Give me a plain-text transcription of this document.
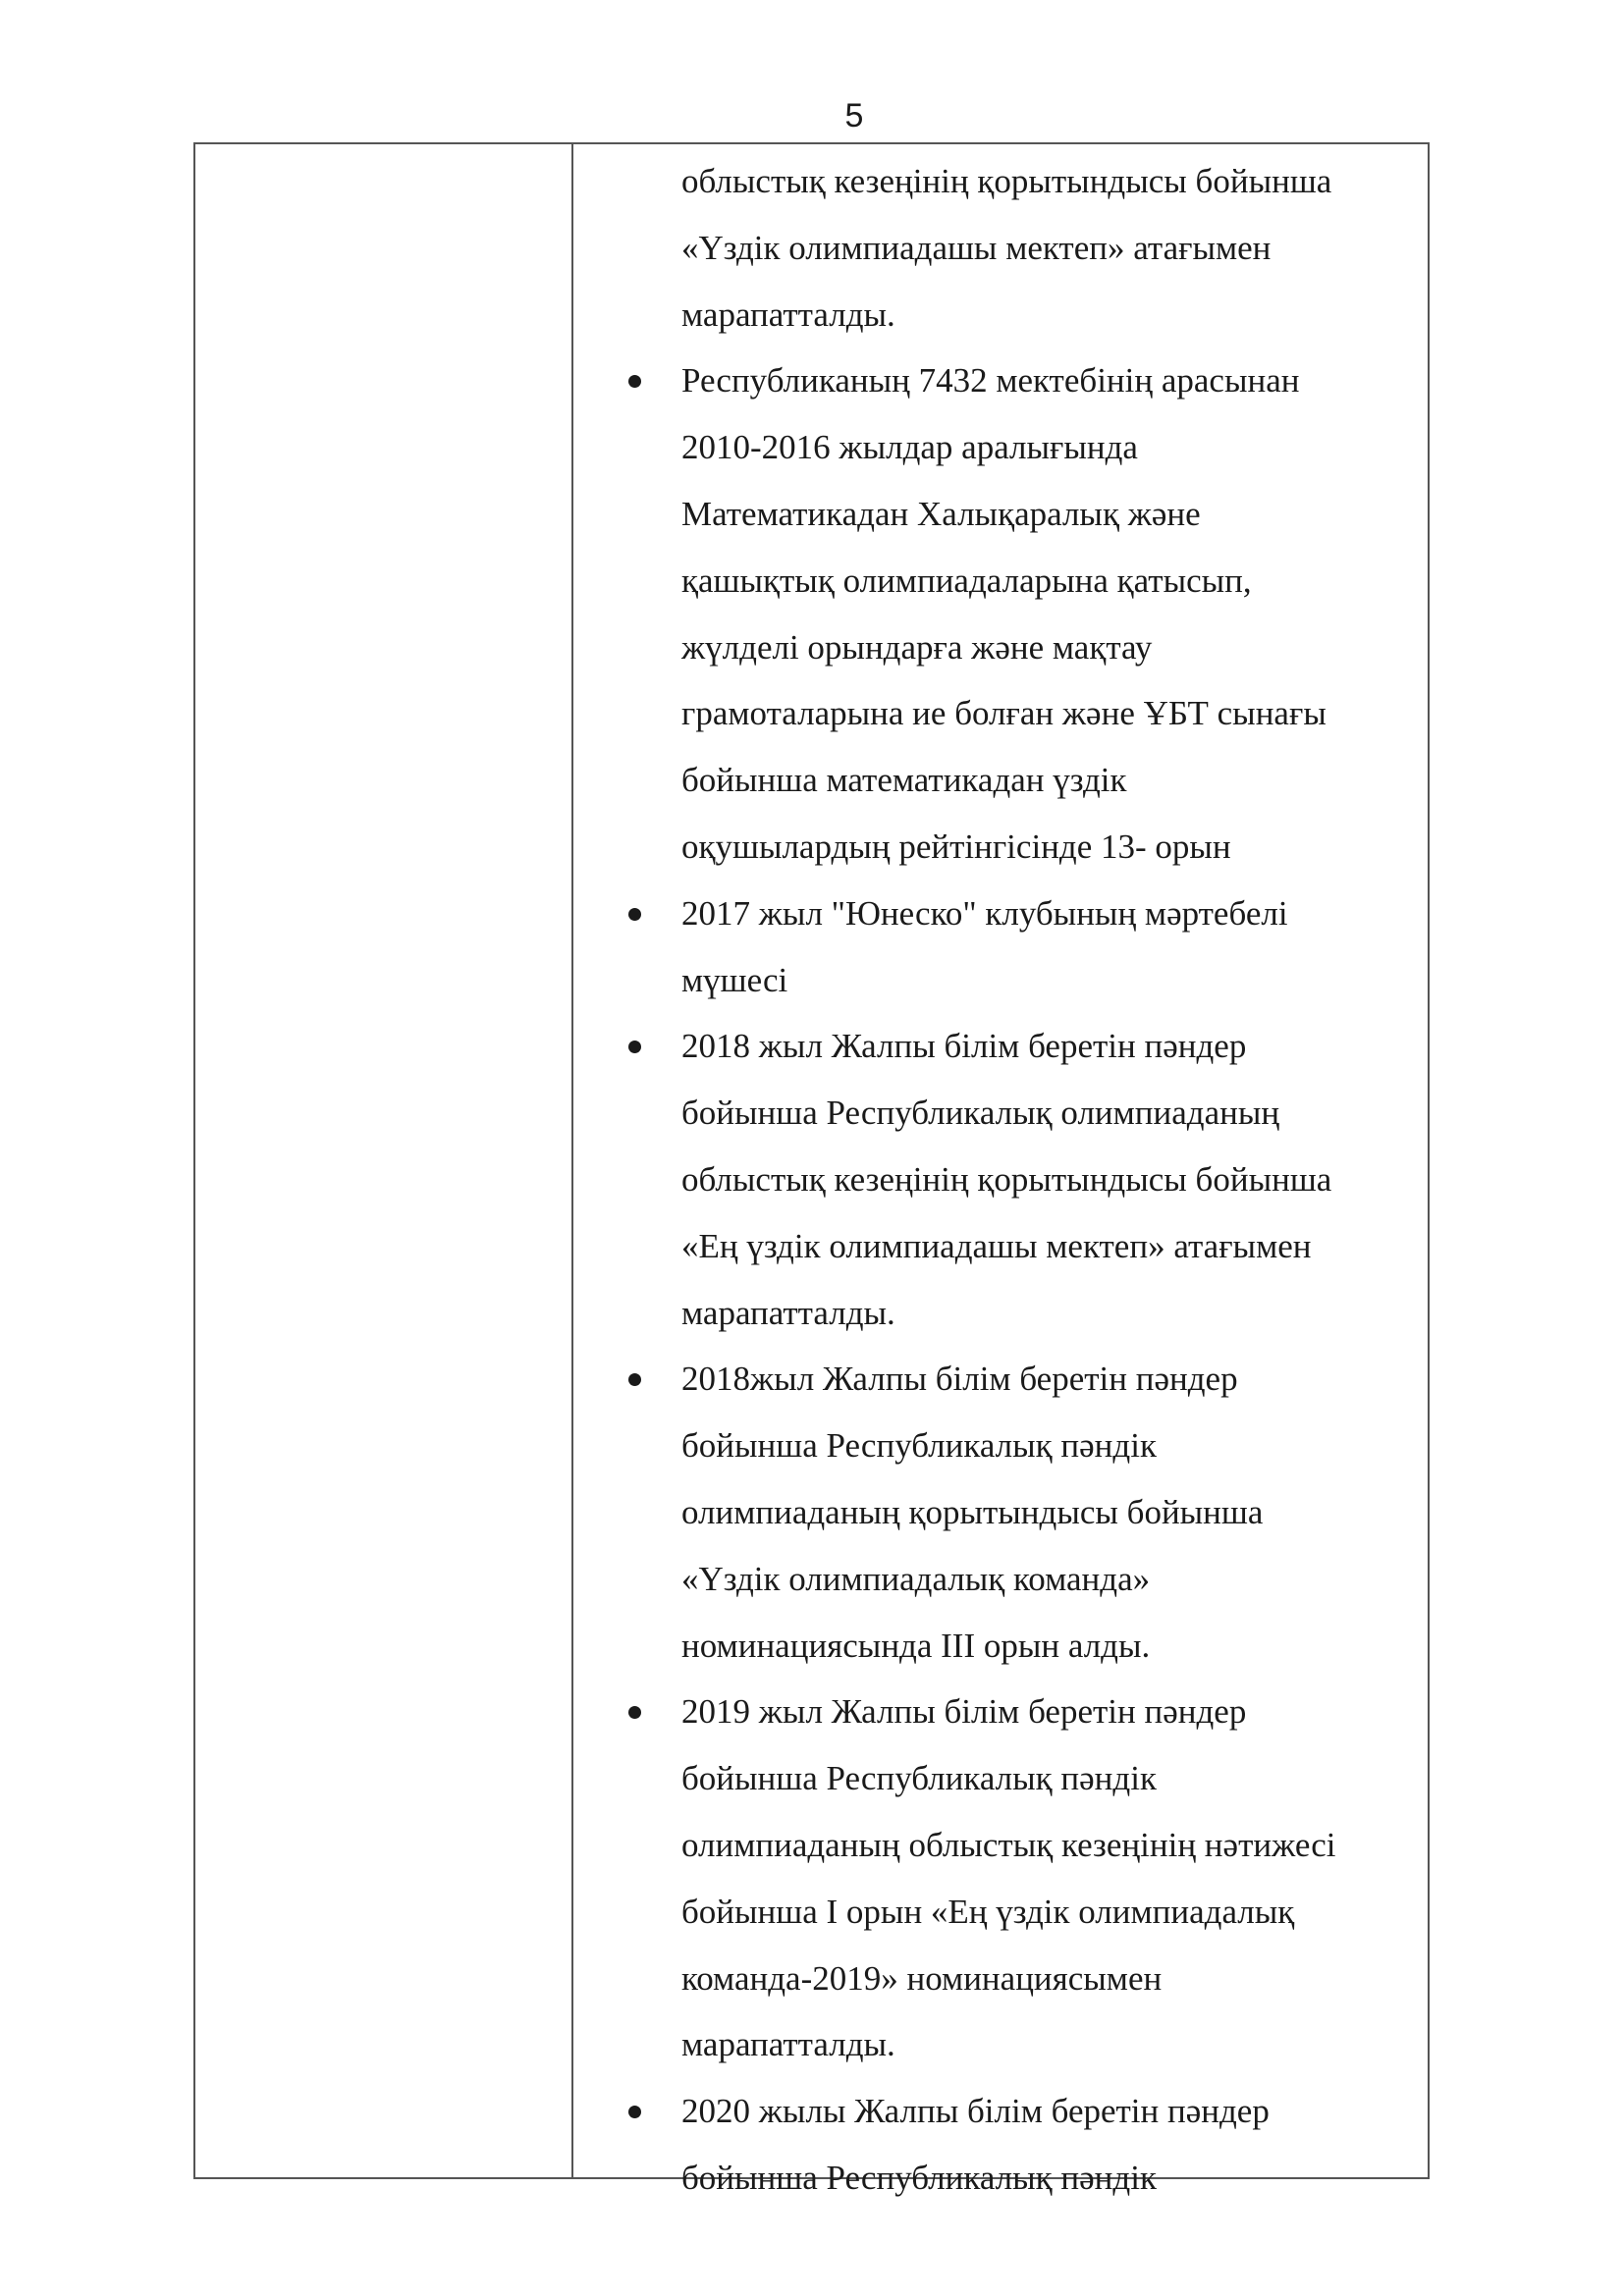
5
облыстық кезеңінің қорытындысы бойынша
«Үздік олимпиадашы мектеп» атағымен
марапатталды.
Республиканың 7432 мектебінің арасынан
2010-2016 жылдар аралығында
Математикадан Халықаралық және
қашықтық олимпиадаларына қатысып,
жүлделі орындарға және мақтау
грамоталарына ие болған және ҰБТ сынағы
бойынша математикадан үздік
оқушылардың рейтінгісінде 13- орын
2017 жыл "Юнеско" клубының мәртебелі
мүшесі
2018 жыл Жалпы білім беретін пәндер
бойынша Республикалық олимпиаданың
облыстық кезеңінің қорытындысы бойынша
«Ең үздік олимпиадашы мектеп» атағымен
марапатталды.
2018жыл Жалпы білім беретін пәндер
бойынша Республикалық пәндік
олимпиаданың қорытындысы бойынша
«Үздік олимпиадалық команда»
номинациясында III орын алды.
2019 жыл Жалпы білім беретін пәндер
бойынша Республикалық пәндік
олимпиаданың облыстық кезеңінің нәтижесі
бойынша І орын «Ең үздік олимпиадалық
команда-2019» номинациясымен
марапатталды.
2020 жылы Жалпы білім беретін пәндер
бойынша Республикалық пәндік
